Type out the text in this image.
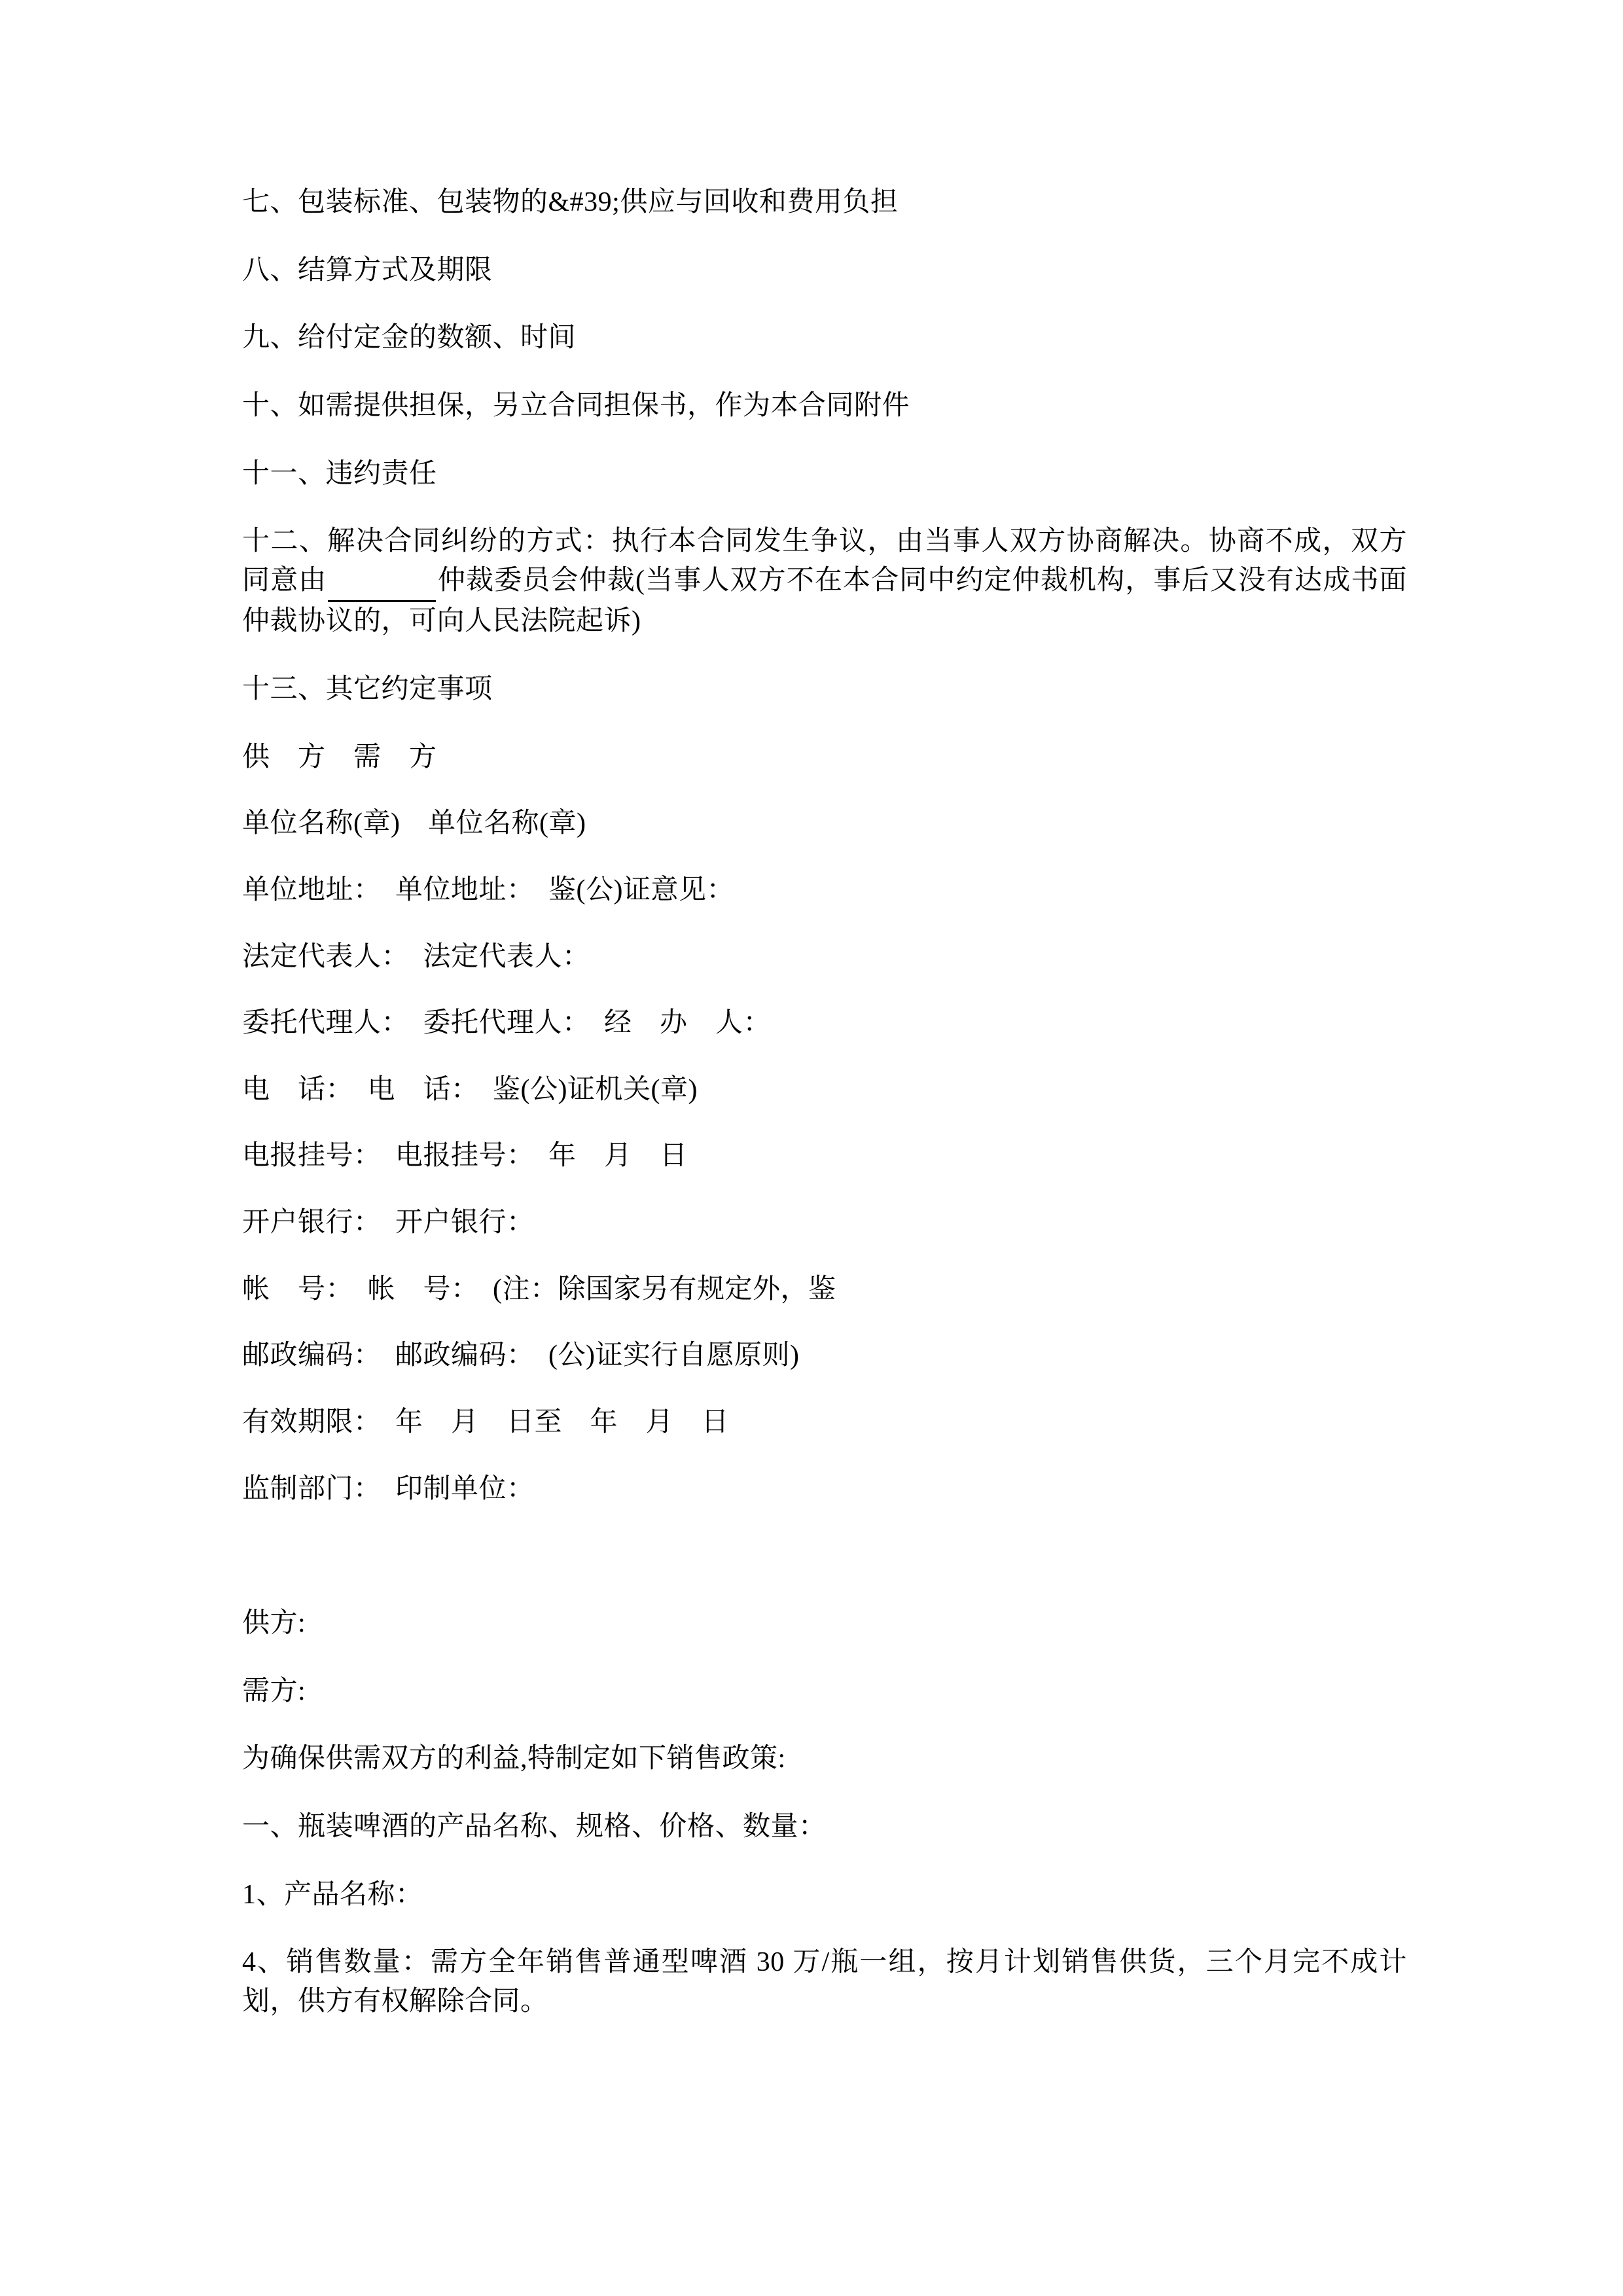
七、包装标准、包装物的&#39;供应与回收和费用负担

八、结算方式及期限

九、给付定金的数额、时间

十、如需提供担保，另立合同担保书，作为本合同附件

十一、违约责任

十二、解决合同纠纷的方式：执行本合同发生争议，由当事人双方协商解决。协商不成，双方同意由	仲裁委员会仲裁(当事人双方不在本合同中约定仲裁机构，事后又没有达成书面仲裁协议的，可向人民法院起诉)

十三、其它约定事项

供　方　需　方

单位名称(章)　单位名称(章)

单位地址：　单位地址：　鉴(公)证意见：

法定代表人：　法定代表人：

委托代理人：　委托代理人：　经　办　人：

电　话：　电　话：　鉴(公)证机关(章)

电报挂号：　电报挂号：　年　月　日

开户银行：　开户银行：

帐　号：　帐　号：　(注：除国家另有规定外，鉴

邮政编码：　邮政编码：　(公)证实行自愿原则)

有效期限：　年　月　日至　年　月　日

监制部门：　印制单位：

供方:

需方:

为确保供需双方的利益,特制定如下销售政策:

一、瓶装啤酒的产品名称、规格、价格、数量：

1、产品名称：

4、销售数量：需方全年销售普通型啤酒 30 万/瓶一组，按月计划销售供货，三个月完不成计划，供方有权解除合同。
